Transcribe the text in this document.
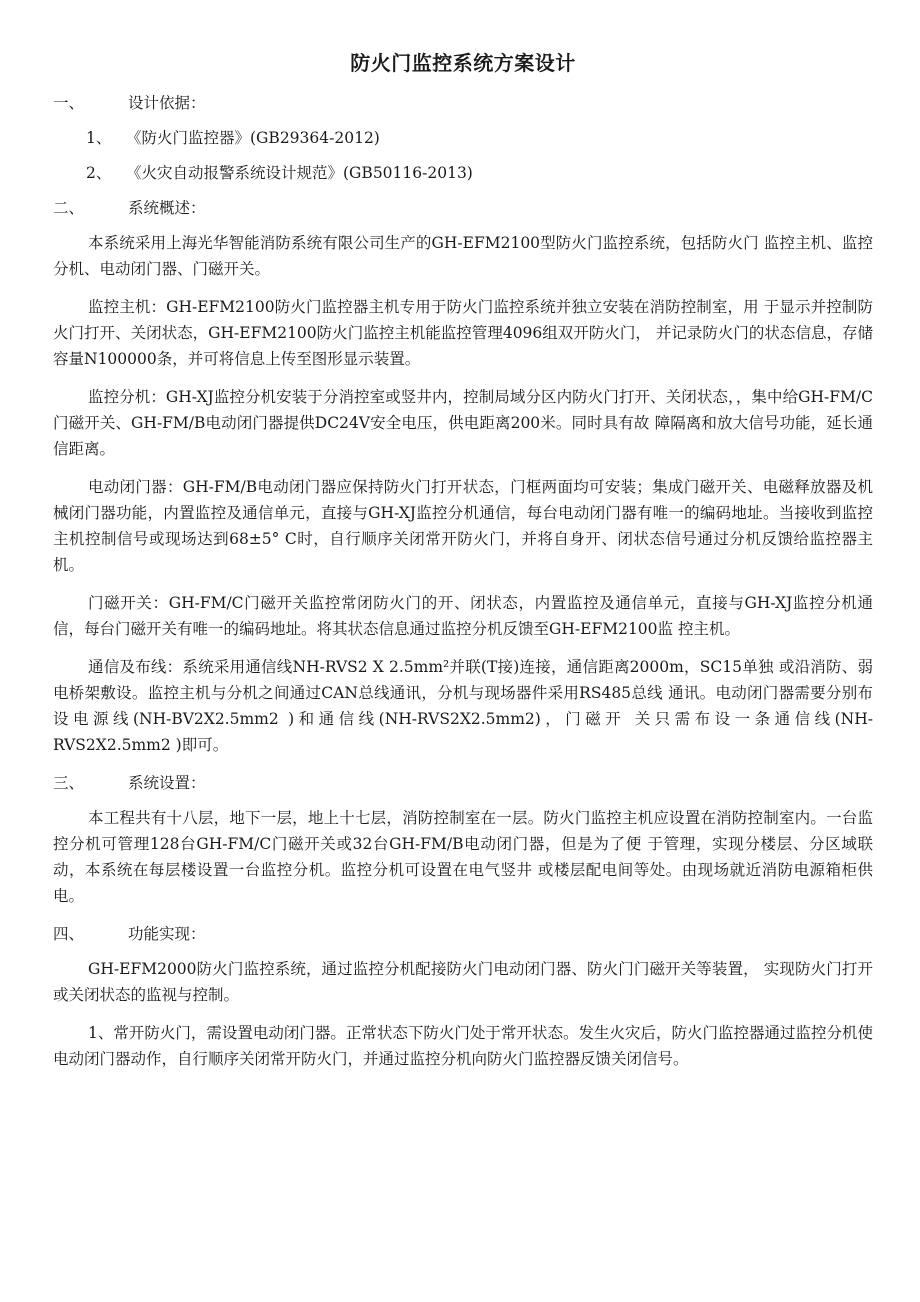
防火门监控系统方案设计
一、	设计依据：
1、 《防火门监控器》(GB29364-2012)
2、 《火灾自动报警系统设计规范》(GB50116-2013)
二、	系统概述：

本系统采用上海光华智能消防系统有限公司生产的GH-EFM2100型防火门监控系统，包括防火门 监控主机、监控分机、电动闭门器、门磁开关。

监控主机：GH-EFM2100防火门监控器主机专用于防火门监控系统并独立安装在消防控制室，用 于显示并控制防火门打开、关闭状态，GH-EFM2100防火门监控主机能监控管理4096组双开防火门， 并记录防火门的状态信息，存储容量N100000条，并可将信息上传至图形显示装置。

监控分机：GH-XJ监控分机安装于分消控室或竖井内，控制局域分区内防火门打开、关闭状态，，集中给GH-FM/C门磁开关、GH-FM/B电动闭门器提供DC24V安全电压，供电距离200米。同时具有故 障隔离和放大信号功能，延长通信距离。

电动闭门器：GH-FM/B电动闭门器应保持防火门打开状态，门框两面均可安装；集成门磁开关、电磁释放器及机械闭门器功能，内置监控及通信单元，直接与GH-XJ监控分机通信，每台电动闭门器有唯一的编码地址。当接收到监控主机控制信号或现场达到68±5° C时，自行顺序关闭常开防火门，并将自身开、闭状态信号通过分机反馈给监控器主机。

门磁开关：GH-FM/C门磁开关监控常闭防火门的开、闭状态，内置监控及通信单元，直接与GH-XJ监控分机通信，每台门磁开关有唯一的编码地址。将其状态信息通过监控分机反馈至GH-EFM2100监 控主机。

通信及布线：系统采用通信线NH-RVS2 X 2.5mm²并联(T接)连接，通信距离2000m，SC15单独 或沿消防、弱电桥架敷设。监控主机与分机之间通过CAN总线通讯，分机与现场器件采用RS485总线 通讯。电动闭门器需要分别布设电源线(NH-BV2X2.5mm2 )和通信线(NH-RVS2X2.5mm2)，门磁开 关只需布设一条通信线(NH-RVS2X2.5mm2 )即可。

三、	系统设置：

本工程共有十八层，地下一层，地上十七层，消防控制室在一层。防火门监控主机应设置在消防控制室内。一台监控分机可管理128台GH-FM/C门磁开关或32台GH-FM/B电动闭门器，但是为了便 于管理，实现分楼层、分区域联动，本系统在每层楼设置一台监控分机。监控分机可设置在电气竖井 或楼层配电间等处。由现场就近消防电源箱柜供电。

四、	功能实现：

GH-EFM2000防火门监控系统，通过监控分机配接防火门电动闭门器、防火门门磁开关等装置， 实现防火门打开或关闭状态的监视与控制。

1、常开防火门，需设置电动闭门器。正常状态下防火门处于常开状态。发生火灾后，防火门监控器通过监控分机使电动闭门器动作，自行顺序关闭常开防火门，并通过监控分机向防火门监控器反馈关闭信号。
